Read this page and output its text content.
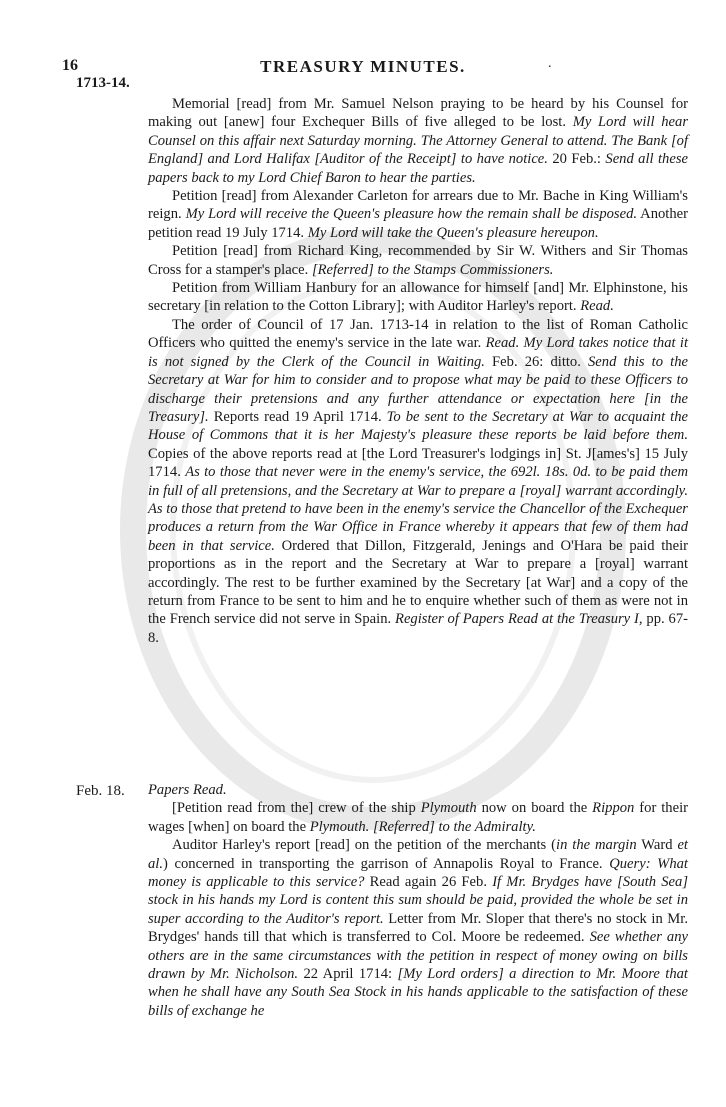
16	TREASURY MINUTES.	.
1713-14.

Memorial [read] from Mr. Samuel Nelson praying to be heard by his Counsel for making out [anew] four Exchequer Bills of five alleged to be lost. My Lord will hear Counsel on this affair next Saturday morning. The Attorney General to attend. The Bank [of England] and Lord Halifax [Auditor of the Receipt] to have notice. 20 Feb.: Send all these papers back to my Lord Chief Baron to hear the parties.

Petition [read] from Alexander Carleton for arrears due to Mr. Bache in King William's reign. My Lord will receive the Queen's pleasure how the remain shall be disposed. Another petition read 19 July 1714. My Lord will take the Queen's pleasure hereupon.

Petition [read] from Richard King, recommended by Sir W. Withers and Sir Thomas Cross for a stamper's place. [Referred] to the Stamps Commissioners.

Petition from William Hanbury for an allowance for himself [and] Mr. Elphinstone, his secretary [in relation to the Cotton Library]; with Auditor Harley's report. Read.

The order of Council of 17 Jan. 1713-14 in relation to the list of Roman Catholic Officers who quitted the enemy's service in the late war. Read. My Lord takes notice that it is not signed by the Clerk of the Council in Waiting. Feb. 26: ditto. Send this to the Secretary at War for him to consider and to propose what may be paid to these Officers to discharge their pretensions and any further attendance or expectation here [in the Treasury]. Reports read 19 April 1714. To be sent to the Secretary at War to acquaint the House of Commons that it is her Majesty's pleasure these reports be laid before them. Copies of the above reports read at [the Lord Treasurer's lodgings in] St. J[ames's] 15 July 1714. As to those that never were in the enemy's service, the 692l. 18s. 0d. to be paid them in full of all pretensions, and the Secretary at War to prepare a [royal] warrant accordingly. As to those that pretend to have been in the enemy's service the Chancellor of the Exchequer produces a return from the War Office in France whereby it appears that few of them had been in that service. Ordered that Dillon, Fitzgerald, Jenings and O'Hara be paid their proportions as in the report and the Secretary at War to prepare a [royal] warrant accordingly. The rest to be further examined by the Secretary [at War] and a copy of the return from France to be sent to him and he to enquire whether such of them as were not in the French service did not serve in Spain. Register of Papers Read at the Treasury I, pp. 67-8.

Feb. 18. Papers Read.

[Petition read from the] crew of the ship Plymouth now on board the Rippon for their wages [when] on board the Plymouth. [Referred] to the Admiralty.

Auditor Harley's report [read] on the petition of the merchants (in the margin Ward et al.) concerned in transporting the garrison of Annapolis Royal to France. Query: What money is applicable to this service? Read again 26 Feb. If Mr. Brydges have [South Sea] stock in his hands my Lord is content this sum should be paid, provided the whole be set in super according to the Auditor's report. Letter from Mr. Sloper that there's no stock in Mr. Brydges' hands till that which is transferred to Col. Moore be redeemed. See whether any others are in the same circumstances with the petition in respect of money owing on bills drawn by Mr. Nicholson. 22 April 1714: [My Lord orders] a direction to Mr. Moore that when he shall have any South Sea Stock in his hands applicable to the satisfaction of these bills of exchange he
